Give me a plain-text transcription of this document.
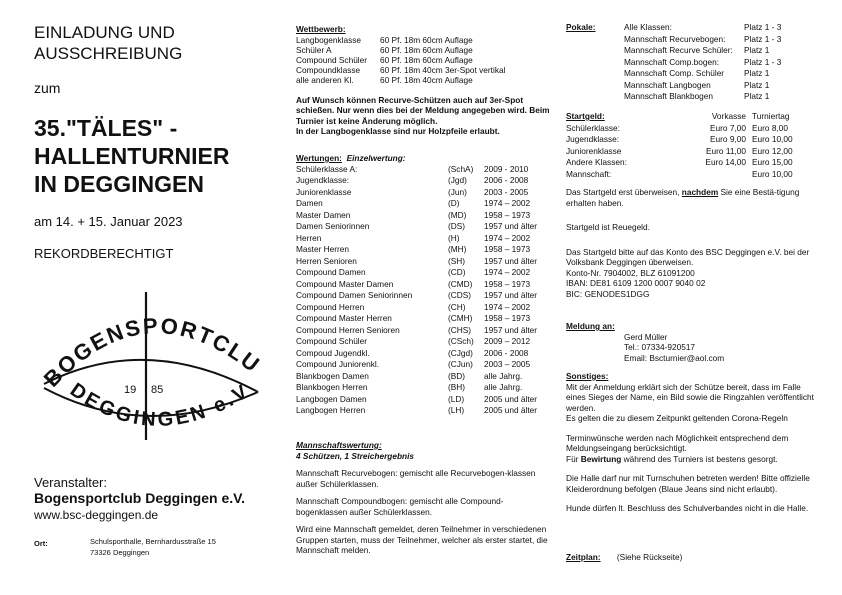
EINLADUNG UND
AUSSCHREIBUNG
zum
35."TÄLES" -
HALLENTURNIER
IN DEGGINGEN
am 14. + 15. Januar 2023
REKORDBERECHTIGT
BOGENSPORTCLU
DEGGINGEN e.V
19 85
Veranstalter:
Bogensportclub Deggingen e.V.
www.bsc-deggingen.de
Ort:	Schulsporthalle, Bernhardusstraße 15
73326 Deggingen
Wettbewerb:
Langbogenklasse	60 Pf. 18m 60cm Auflage
Schüler A	60 Pf. 18m 60cm Auflage
Compound Schüler	60 Pf. 18m 60cm Auflage
Compoundklasse	60 Pf. 18m 40cm 3er-Spot vertikal
alle anderen Kl.	60 Pf. 18m 40cm Auflage
Auf Wunsch können Recurve-Schützen auch auf 3er-Spot schießen. Nur wenn dies bei der Meldung angegeben wird. Beim Turnier ist keine Änderung möglich.
In der Langbogenklasse sind nur Holzpfeile erlaubt.
Wertungen: Einzelwertung:
Schülerklasse A:	(SchA)	2009 - 2010
Jugendklasse:	(Jgd)	2006 - 2008
Juniorenklasse	(Jun)	2003 - 2005
Damen	(D)	1974 – 2002
Master Damen	(MD)	1958 – 1973
Damen Seniorinnen	(DS)	1957 und älter
Herren	(H)	1974 – 2002
Master Herren	(MH)	1958 – 1973
Herren Senioren	(SH)	1957 und älter
Compound Damen	(CD)	1974 – 2002
Compound Master Damen	(CMD)	1958 – 1973
Compound Damen Seniorinnen	(CDS)	1957 und älter
Compound Herren	(CH)	1974 – 2002
Compound Master Herren	(CMH)	1958 – 1973
Compound Herren Senioren	(CHS)	1957 und älter
Compound Schüler	(CSch)	2009 – 2012
Compoud Jugendkl.	(CJgd)	2006 - 2008
Compound Juniorenkl.	(CJun)	2003 – 2005
Blankbogen Damen	(BD)	alle Jahrg.
Blankbogen Herren	(BH)	alle Jahrg.
Langbogen Damen	(LD)	2005 und älter
Langbogen Herren	(LH)	2005 und älter
Mannschaftswertung:
4 Schützen, 1 Streichergebnis
Mannschaft Recurvebogen: gemischt alle Recurvebogen-klassen außer Schülerklassen.
Mannschaft Compoundbogen: gemischt alle Compound-bogenklassen außer Schülerklassen.
Wird eine Mannschaft gemeldet, deren Teilnehmer in verschiedenen Gruppen starten, muss der Teilnehmer, welcher als erster startet, die Mannschaft melden.
Pokale:	Alle Klassen:	Platz 1 - 3
	Mannschaft Recurvebogen:	Platz 1 - 3
	Mannschaft Recurve Schüler:	Platz 1
	Mannschaft Comp.bogen:	Platz 1 - 3
	Mannschaft Comp. Schüler	Platz 1
	Mannschaft Langbogen	Platz 1
	Mannschaft Blankbogen	Platz 1
Startgeld:	Vorkasse	Turniertag
Schülerklasse:	Euro 7,00	Euro 8,00
Jugendklasse:	Euro 9,00	Euro 10,00
Juniorenklasse	Euro 11,00	Euro 12,00
Andere Klassen:	Euro 14,00	Euro 15,00
Mannschaft:		Euro 10,00
Das Startgeld erst überweisen, nachdem Sie eine Bestä-tigung erhalten haben.
Startgeld ist Reuegeld.
Das Startgeld bitte auf das Konto des BSC Deggingen e.V. bei der Volksbank Deggingen überweisen.
Konto-Nr. 7904002, BLZ 61091200
IBAN: DE81 6109 1200 0007 9040 02
BIC: GENODES1DGG
Meldung an:
Gerd Müller
Tel.: 07334-920517
Email: Bscturnier@aol.com
Sonstiges:
Mit der Anmeldung erklärt sich der Schütze bereit, dass im Falle eines Sieges der Name, ein Bild sowie die Ringzahlen veröffentlicht werden.
Es gelten die zu diesem Zeitpunkt geltenden Corona-Regeln
Terminwünsche werden nach Möglichkeit entsprechend dem Meldungseingang berücksichtigt.
Für Bewirtung während des Turniers ist bestens gesorgt.
Die Halle darf nur mit Turnschuhen betreten werden! Bitte offizielle Kleiderordnung befolgen (Blaue Jeans sind nicht erlaubt).
Hunde dürfen lt. Beschluss des Schulverbandes nicht in die Halle.
Zeitplan: (Siehe Rückseite)
